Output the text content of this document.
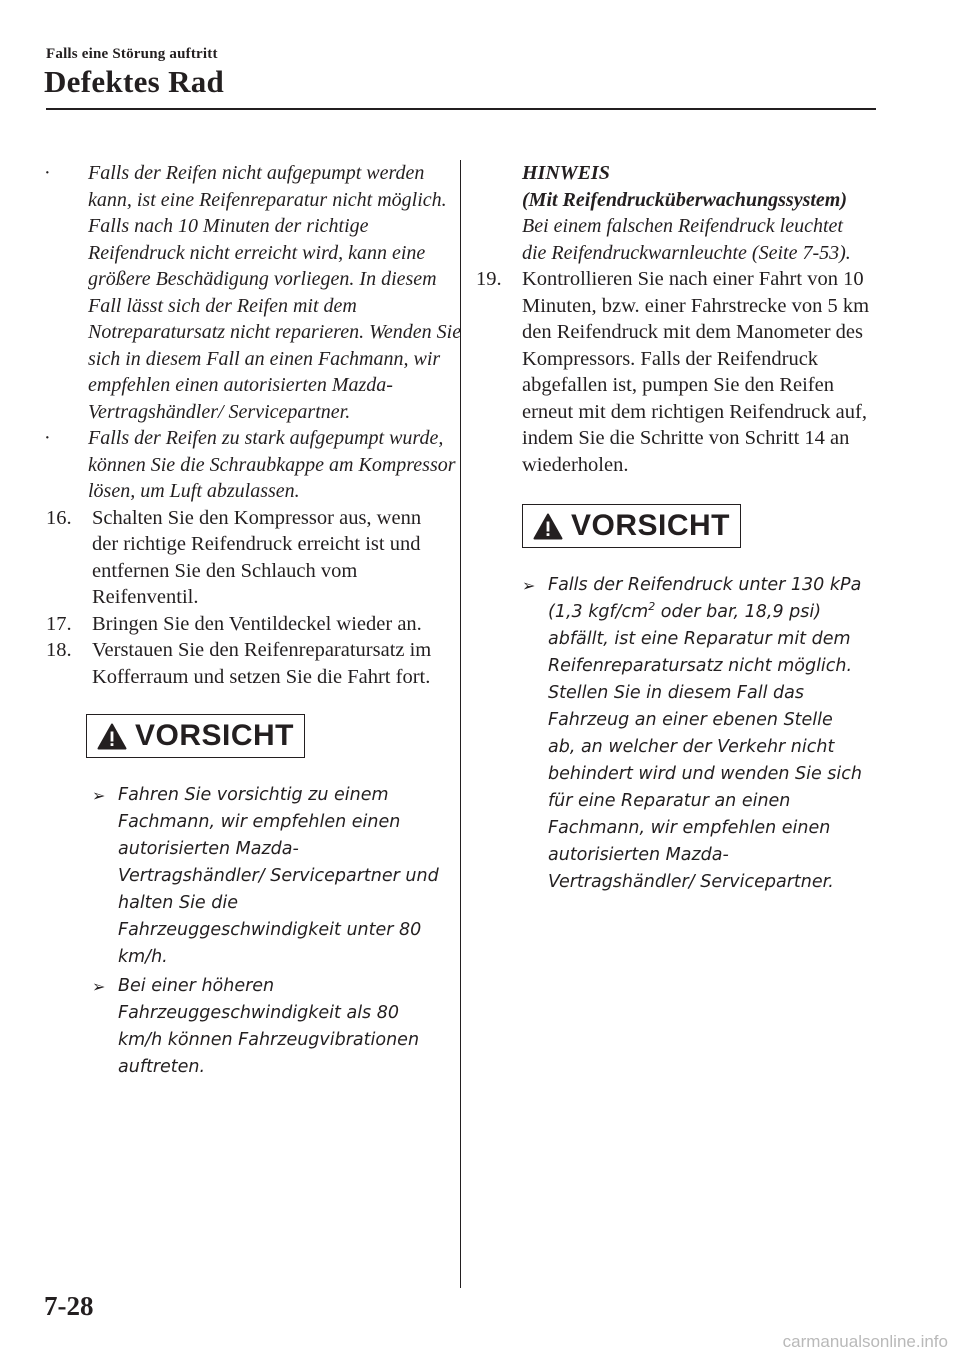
Falls eine Störung auftritt
Defektes Rad
· Falls der Reifen nicht aufgepumpt werden kann, ist eine Reifenreparatur nicht möglich. Falls nach 10 Minuten der richtige Reifendruck nicht erreicht wird, kann eine größere Beschädigung vorliegen. In diesem Fall lässt sich der Reifen mit dem Notreparatursatz nicht reparieren. Wenden Sie sich in diesem Fall an einen Fachmann, wir empfehlen einen autorisierten Mazda-Vertragshändler/ Servicepartner.
· Falls der Reifen zu stark aufgepumpt wurde, können Sie die Schraubkappe am Kompressor lösen, um Luft abzulassen.
16. Schalten Sie den Kompressor aus, wenn der richtige Reifendruck erreicht ist und entfernen Sie den Schlauch vom Reifenventil.
17. Bringen Sie den Ventildeckel wieder an.
18. Verstauen Sie den Reifenreparatursatz im Kofferraum und setzen Sie die Fahrt fort.
VORSICHT
➢ Fahren Sie vorsichtig zu einem Fachmann, wir empfehlen einen autorisierten Mazda-Vertragshändler/ Servicepartner und halten Sie die Fahrzeuggeschwindigkeit unter 80 km/h.
➢ Bei einer höheren Fahrzeuggeschwindigkeit als 80 km/h können Fahrzeugvibrationen auftreten.
HINWEIS
(Mit Reifendrucküberwachungssystem)
Bei einem falschen Reifendruck leuchtet die Reifendruckwarnleuchte (Seite 7-53).
19. Kontrollieren Sie nach einer Fahrt von 10 Minuten, bzw. einer Fahrstrecke von 5 km den Reifendruck mit dem Manometer des Kompressors. Falls der Reifendruck abgefallen ist, pumpen Sie den Reifen erneut mit dem richtigen Reifendruck auf, indem Sie die Schritte von Schritt 14 an wiederholen.
VORSICHT
➢ Falls der Reifendruck unter 130 kPa (1,3 kgf/$cm^2$ oder bar, 18,9 psi) abfällt, ist eine Reparatur mit dem Reifenreparatursatz nicht möglich. Stellen Sie in diesem Fall das Fahrzeug an einer ebenen Stelle ab, an welcher der Verkehr nicht behindert wird und wenden Sie sich für eine Reparatur an einen Fachmann, wir empfehlen einen autorisierten Mazda-Vertragshändler/ Servicepartner.
7-28
carmanualsonline.info
